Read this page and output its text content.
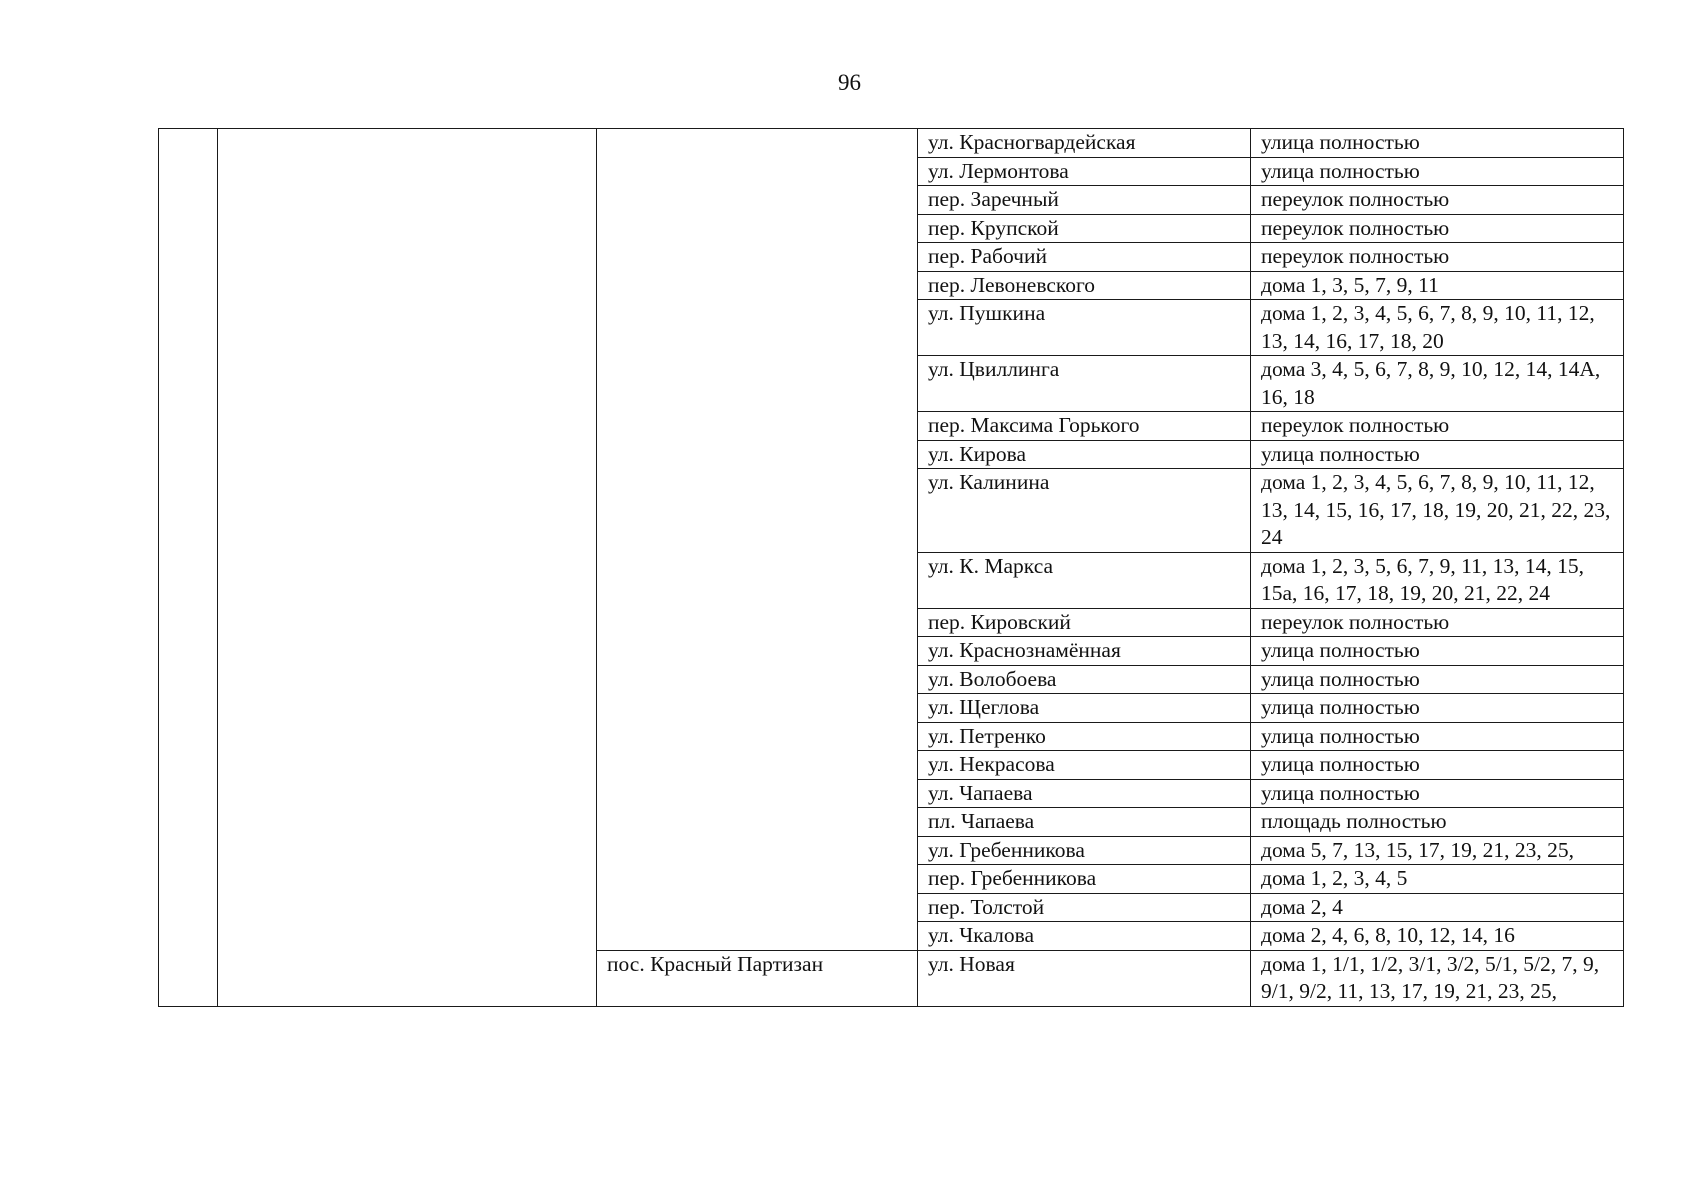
96
			ул. Красногвардейская	улица полностью
			ул. Лермонтова	улица полностью
			пер. Заречный	переулок полностью
			пер. Крупской	переулок полностью
			пер. Рабочий	переулок полностью
			пер. Левоневского	дома 1, 3, 5, 7, 9, 11
			ул. Пушкина	дома 1, 2, 3, 4, 5, 6, 7, 8, 9, 10, 11, 12, 13, 14, 16, 17, 18, 20
			ул. Цвиллинга	дома 3, 4, 5, 6, 7, 8, 9, 10, 12, 14, 14А, 16, 18
			пер. Максима Горького	переулок полностью
			ул. Кирова	улица полностью
			ул. Калинина	дома 1, 2, 3, 4, 5, 6, 7, 8, 9, 10, 11, 12, 13, 14, 15, 16, 17, 18, 19, 20, 21, 22, 23, 24
			ул. К. Маркса	дома 1, 2, 3, 5, 6, 7, 9, 11, 13, 14, 15, 15а, 16, 17, 18, 19, 20, 21, 22, 24
			пер. Кировский	переулок полностью
			ул. Краснознамённая	улица полностью
			ул. Волобоева	улица полностью
			ул. Щеглова	улица полностью
			ул. Петренко	улица полностью
			ул. Некрасова	улица полностью
			ул. Чапаева	улица полностью
			пл. Чапаева	площадь полностью
			ул. Гребенникова	дома 5, 7, 13, 15, 17, 19, 21, 23, 25,
			пер. Гребенникова	дома 1, 2, 3, 4, 5
			пер. Толстой	дома 2, 4
			ул. Чкалова	дома 2, 4, 6, 8, 10, 12, 14, 16
		пос. Красный Партизан	ул. Новая	дома 1, 1/1, 1/2, 3/1, 3/2, 5/1, 5/2, 7, 9, 9/1, 9/2, 11, 13, 17, 19, 21, 23, 25,
